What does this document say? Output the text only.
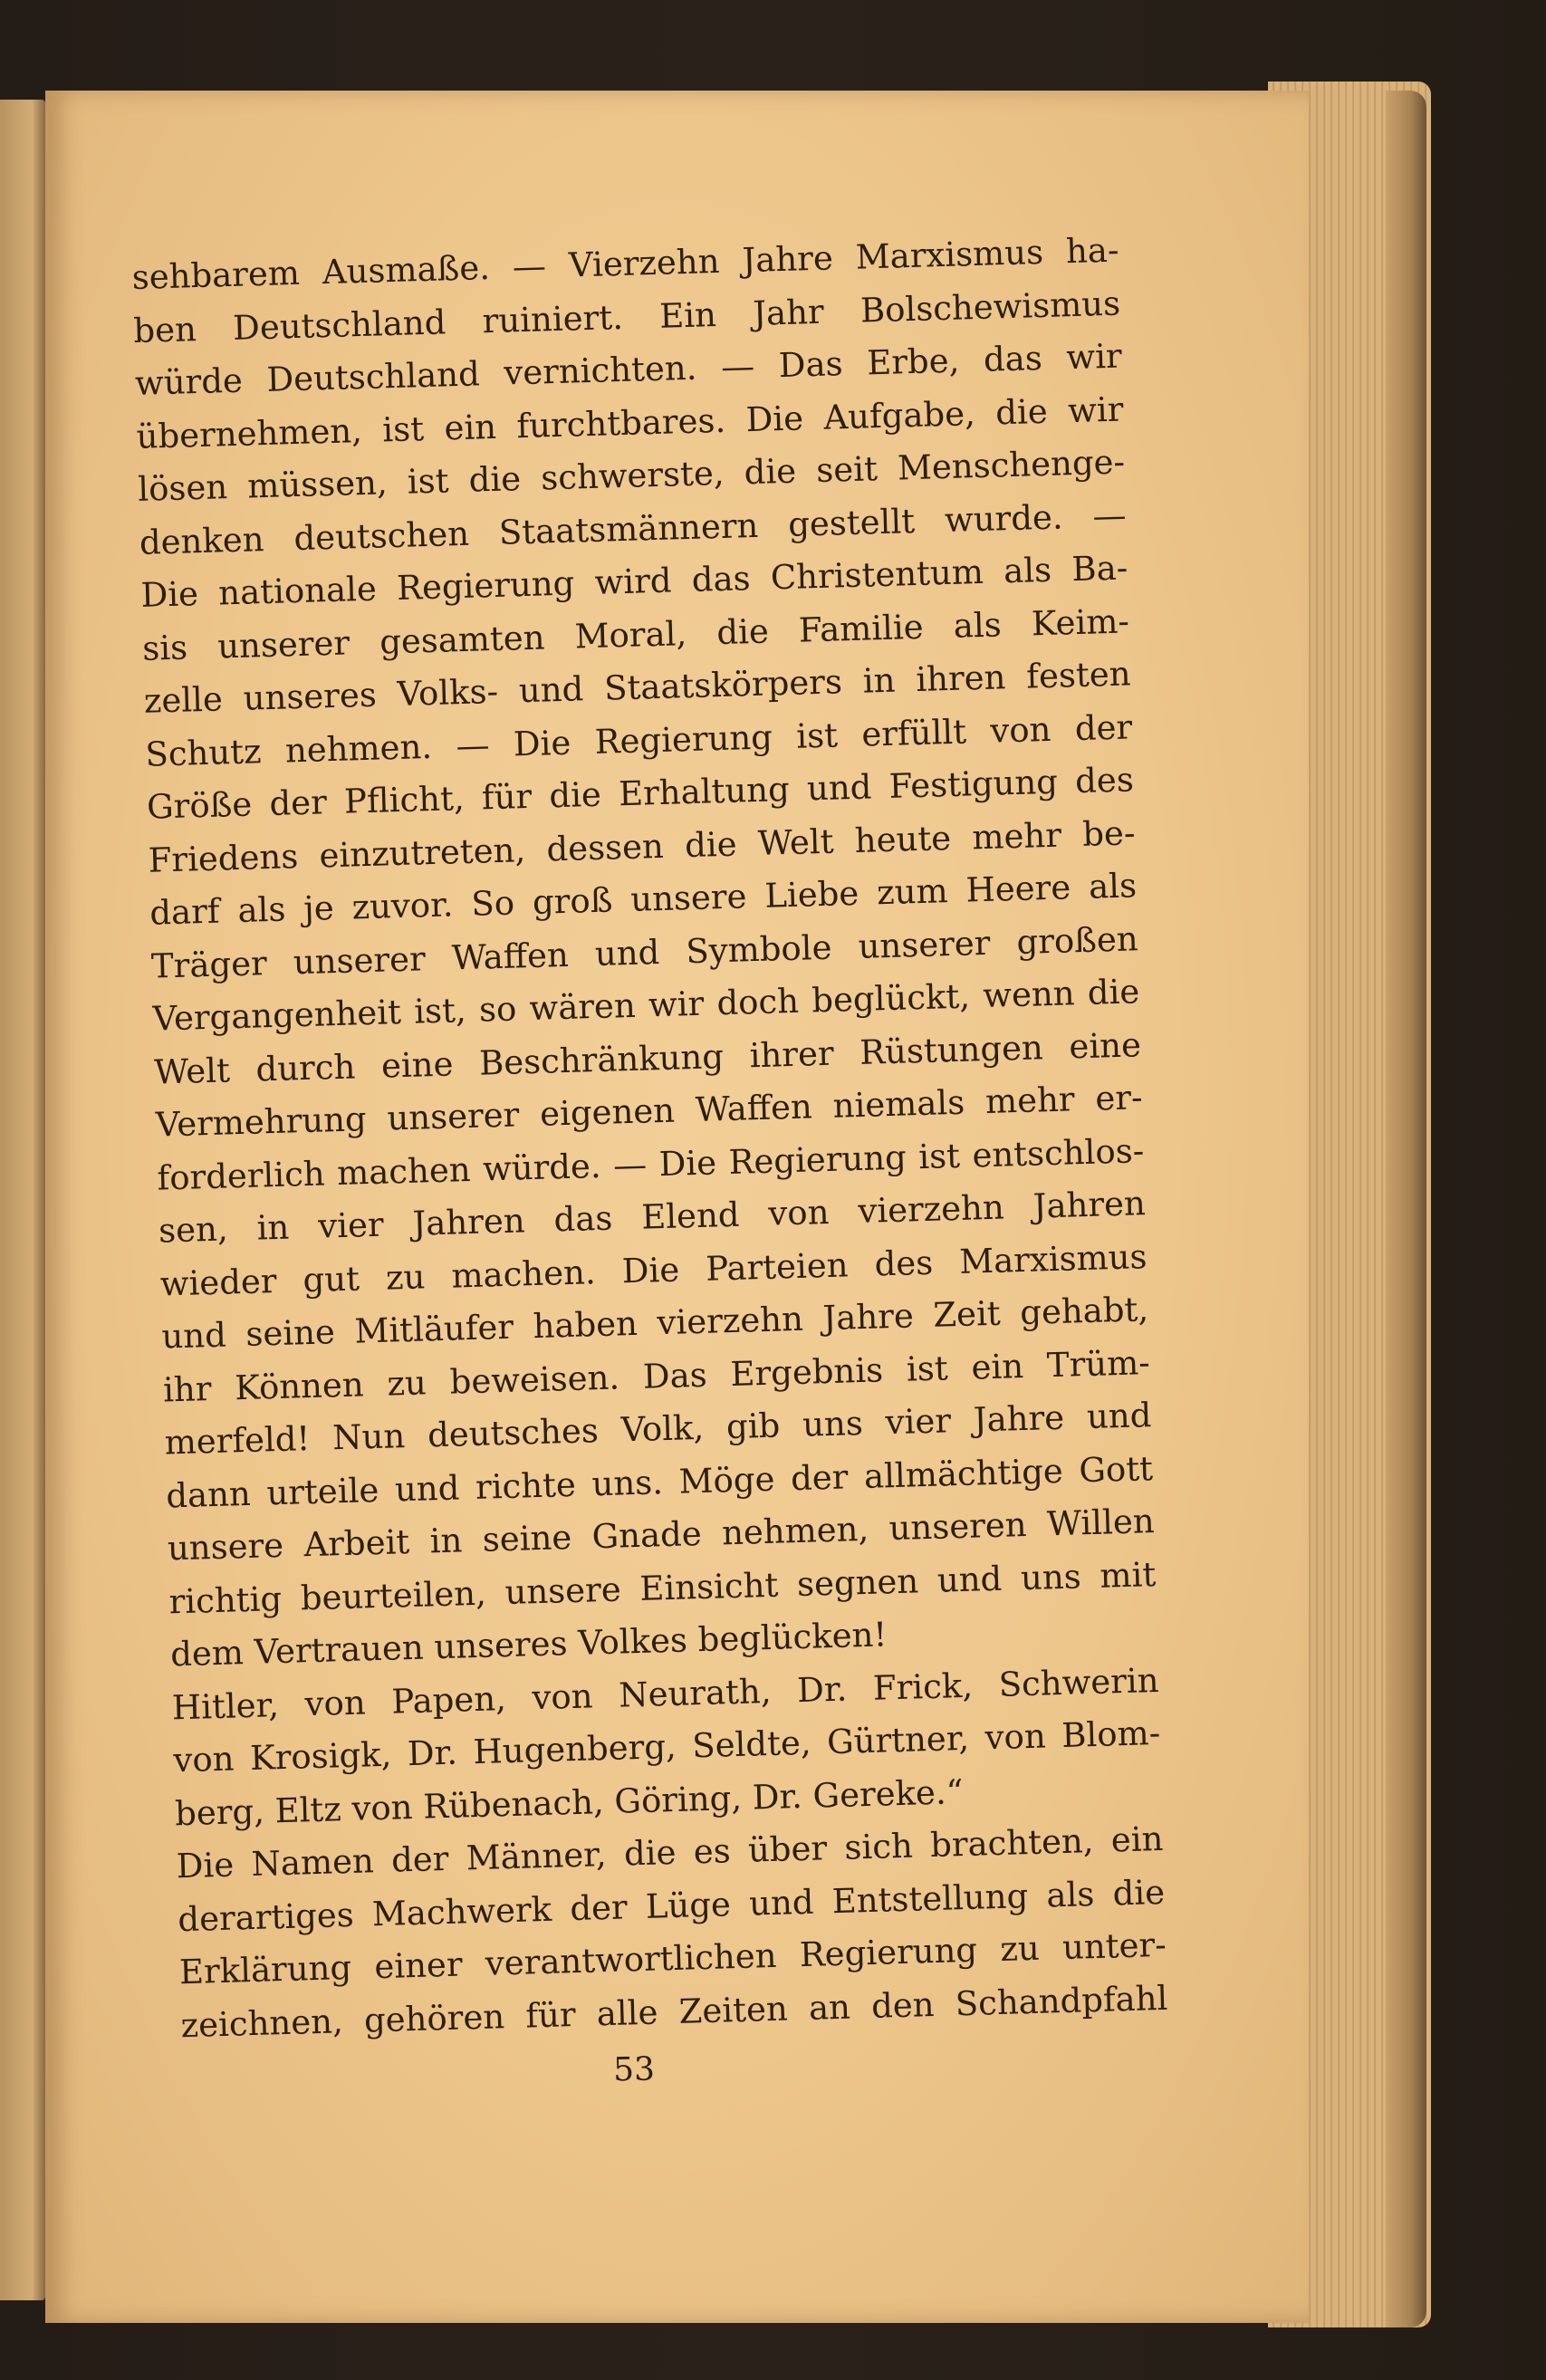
sehbarem Ausmaße. — Vierzehn Jahre Marxismus ha-
ben Deutschland ruiniert. Ein Jahr Bolschewismus
würde Deutschland vernichten. — Das Erbe, das wir
übernehmen, ist ein furchtbares. Die Aufgabe, die wir
lösen müssen, ist die schwerste, die seit Menschenge-
denken deutschen Staatsmännern gestellt wurde. —
Die nationale Regierung wird das Christentum als Ba-
sis unserer gesamten Moral, die Familie als Keim-
zelle unseres Volks- und Staatskörpers in ihren festen
Schutz nehmen. — Die Regierung ist erfüllt von der
Größe der Pflicht, für die Erhaltung und Festigung des
Friedens einzutreten, dessen die Welt heute mehr be-
darf als je zuvor. So groß unsere Liebe zum Heere als
Träger unserer Waffen und Symbole unserer großen
Vergangenheit ist, so wären wir doch beglückt, wenn die
Welt durch eine Beschränkung ihrer Rüstungen eine
Vermehrung unserer eigenen Waffen niemals mehr er-
forderlich machen würde. — Die Regierung ist entschlos-
sen, in vier Jahren das Elend von vierzehn Jahren
wieder gut zu machen. Die Parteien des Marxismus
und seine Mitläufer haben vierzehn Jahre Zeit gehabt,
ihr Können zu beweisen. Das Ergebnis ist ein Trüm-
merfeld! Nun deutsches Volk, gib uns vier Jahre und
dann urteile und richte uns. Möge der allmächtige Gott
unsere Arbeit in seine Gnade nehmen, unseren Willen
richtig beurteilen, unsere Einsicht segnen und uns mit
dem Vertrauen unseres Volkes beglücken!
Hitler, von Papen, von Neurath, Dr. Frick, Schwerin
von Krosigk, Dr. Hugenberg, Seldte, Gürtner, von Blom-
berg, Eltz von Rübenach, Göring, Dr. Gereke.“
Die Namen der Männer, die es über sich brachten, ein
derartiges Machwerk der Lüge und Entstellung als die
Erklärung einer verantwortlichen Regierung zu unter-
zeichnen, gehören für alle Zeiten an den Schandpfahl
53
